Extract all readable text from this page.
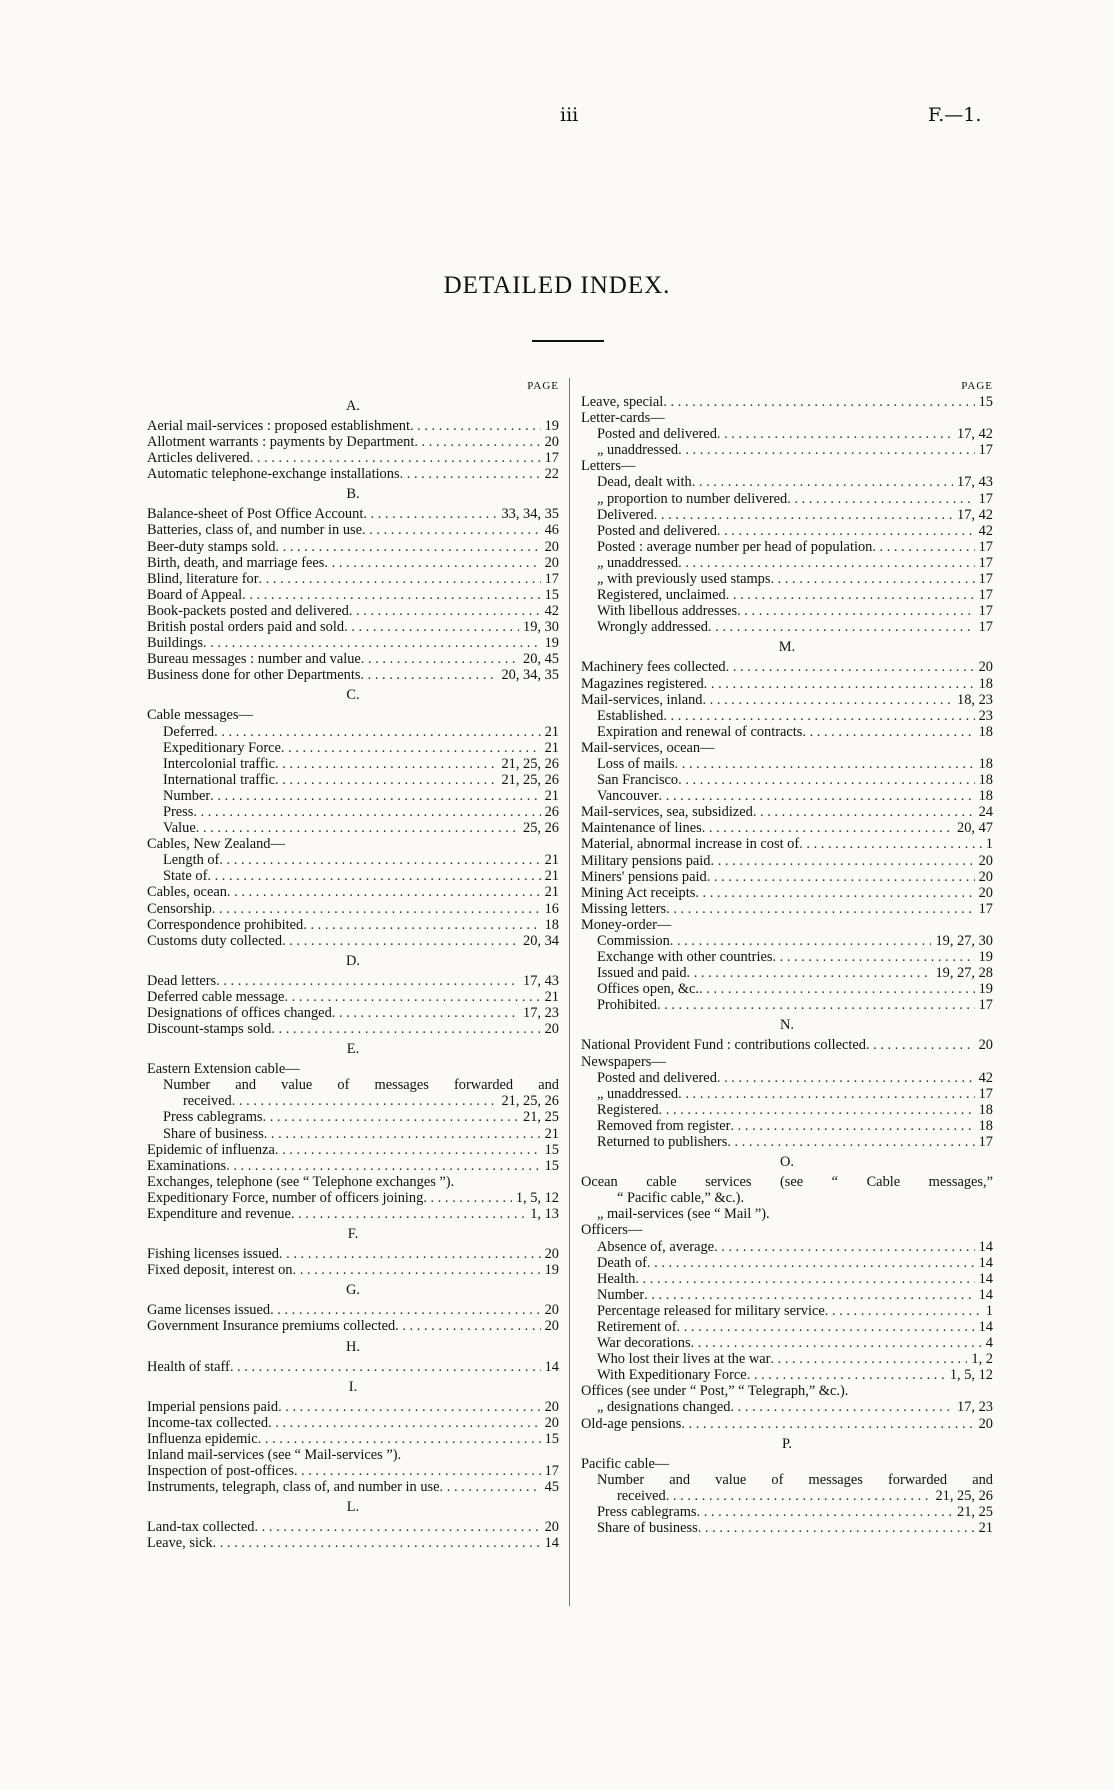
iii	F.—1.
DETAILED INDEX.
PAGE
A.
Aerial mail-services : proposed establishment . .	19
Allotment warrants : payments by Department . .	20
Articles delivered . .	17
Automatic telephone-exchange installations . .	22
B.
Balance-sheet of Post Office Account . .	33, 34, 35
Batteries, class of, and number in use . .	46
Beer-duty stamps sold . .	20
Birth, death, and marriage fees . .	20
Blind, literature for . .	17
Board of Appeal . .	15
Book-packets posted and delivered . .	42
British postal orders paid and sold . .	19, 30
Buildings . .	19
Bureau messages : number and value . .	20, 45
Business done for other Departments . .	20, 34, 35
C.
Cable messages—
Deferred . .	21
Expeditionary Force . .	21
Intercolonial traffic . .	21, 25, 26
International traffic . .	21, 25, 26
Number . .	21
Press . .	26
Value . .	25, 26
Cables, New Zealand—
Length of . .	21
State of . .	21
Cables, ocean . .	21
Censorship . .	16
Correspondence prohibited . .	18
Customs duty collected . .	20, 34
D.
Dead letters . .	17, 43
Deferred cable message . .	21
Designations of offices changed . .	17, 23
Discount-stamps sold . .	20
E.
Eastern Extension cable—
Number and value of messages forwarded and
received . .	21, 25, 26
Press cablegrams . .	21, 25
Share of business . .	21
Epidemic of influenza . .	15
Examinations . .	15
Exchanges, telephone (see “ Telephone exchanges ”).
Expeditionary Force, number of officers joining . .	1, 5, 12
Expenditure and revenue . .	1, 13
F.
Fishing licenses issued . .	20
Fixed deposit, interest on . .	19
G.
Game licenses issued . .	20
Government Insurance premiums collected . .	20
H.
Health of staff . .	14
I.
Imperial pensions paid . .	20
Income-tax collected . .	20
Influenza epidemic . .	15
Inland mail-services (see “ Mail-services ”).
Inspection of post-offices . .	17
Instruments, telegraph, class of, and number in use . .	45
L.
Land-tax collected . .	20
Leave, sick . .	14
PAGE
Leave, special . .	15
Letter-cards—
Posted and delivered . .	17, 42
„ unaddressed . .	17
Letters—
Dead, dealt with . .	17, 43
„ proportion to number delivered . .	17
Delivered . .	17, 42
Posted and delivered . .	42
Posted : average number per head of population . .	17
„ unaddressed . .	17
„ with previously used stamps . .	17
Registered, unclaimed . .	17
With libellous addresses . .	17
Wrongly addressed . .	17
M.
Machinery fees collected . .	20
Magazines registered . .	18
Mail-services, inland . .	18, 23
Established . .	23
Expiration and renewal of contracts . .	18
Mail-services, ocean—
Loss of mails . .	18
San Francisco . .	18
Vancouver . .	18
Mail-services, sea, subsidized . .	24
Maintenance of lines . .	20, 47
Material, abnormal increase in cost of . .	1
Military pensions paid . .	20
Miners' pensions paid . .	20
Mining Act receipts . .	20
Missing letters . .	17
Money-order—
Commission . .	19, 27, 30
Exchange with other countries . .	19
Issued and paid . .	19, 27, 28
Offices open, &c. . .	19
Prohibited . .	17
N.
National Provident Fund : contributions collected . .	20
Newspapers—
Posted and delivered . .	42
„ unaddressed . .	17
Registered . .	18
Removed from register . .	18
Returned to publishers . .	17
O.
Ocean cable services (see “ Cable messages,”
“ Pacific cable,” &c.).
„ mail-services (see “ Mail ”).
Officers—
Absence of, average . .	14
Death of . .	14
Health . .	14
Number . .	14
Percentage released for military service . .	1
Retirement of . .	14
War decorations . .	4
Who lost their lives at the war . .	1, 2
With Expeditionary Force . .	1, 5, 12
Offices (see under “ Post,” “ Telegraph,” &c.).
„ designations changed . .	17, 23
Old-age pensions . .	20
P.
Pacific cable—
Number and value of messages forwarded and
received . .	21, 25, 26
Press cablegrams . .	21, 25
Share of business . .	21
